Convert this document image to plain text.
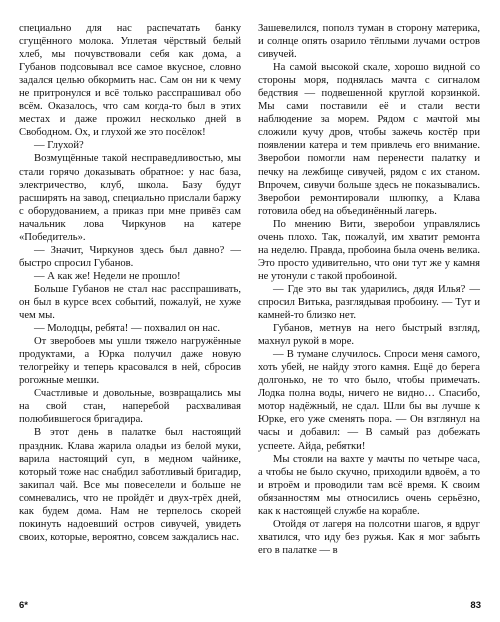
специально для нас распечатать банку сгущённого молока. Уплетая чёрствый белый хлеб, мы почувствовали себя как дома, а Губанов подсовывал все самое вкусное, словно задался целью обкормить нас. Сам он ни к чему не притронулся и всё только расспрашивал обо всём. Оказалось, что сам когда-то был в этих местах и даже прожил несколько дней в Свободном. Ох, и глухой же это посёлок!

— Глухой?

Возмущённые такой несправедливостью, мы стали горячо доказывать обратное: у нас база, электричество, клуб, школа. Базу будут расширять на завод, специально прислали баржу с оборудованием, а приказ при мне привёз сам начальник лова Чиркунов на катере «Победитель».

— Значит, Чиркунов здесь был давно? — быстро спросил Губанов.

— А как же! Недели не прошло!

Больше Губанов не стал нас расспрашивать, он был в курсе всех событий, пожалуй, не хуже чем мы.

— Молодцы, ребята! — похвалил он нас.

От зверобоев мы ушли тяжело нагружённые продуктами, а Юрка получил даже новую телогрейку и теперь красовался в ней, сбросив рогожные мешки.

Счастливые и довольные, возвращались мы на свой стан, наперебой расхваливая полюбившегося бригадира.

В этот день в палатке был настоящий праздник. Клава жарила оладьи из белой муки, варила настоящий суп, в медном чайнике, который тоже нас снабдил заботливый бригадир, закипал чай. Все мы повеселели и больше не сомневались, что не пройдёт и двух-трёх дней, как будем дома. Нам не терпелось скорей покинуть надоевший остров сивучей, увидеть своих, которые, вероятно, совсем заждались нас.

Зашевелился, пополз туман в сторону материка, и солнце опять озарило тёплыми лучами остров сивучей.

На самой высокой скале, хорошо видной со стороны моря, поднялась мачта с сигналом бедствия — подвешенной круглой корзинкой. Мы сами поставили её и стали вести наблюдение за морем. Рядом с мачтой мы сложили кучу дров, чтобы зажечь костёр при появлении катера и тем привлечь его внимание. Зверобои помогли нам перенести палатку и печку на лежбище сивучей, рядом с их станом. Впрочем, сивучи больше здесь не показывались. Зверобои ремонтировали шлюпку, а Клава готовила обед на объединённый лагерь.

По мнению Вити, зверобои управлялись очень плохо. Так, пожалуй, им хватит ремонта на неделю. Правда, пробоина была очень велика. Это просто удивительно, что они тут же у камня не утонули с такой пробоиной.

— Где это вы так ударились, дядя Илья? — спросил Витька, разглядывая пробоину. — Тут и камней-то близко нет.

Губанов, метнув на него быстрый взгляд, махнул рукой в море.

— В тумане случилось. Спроси меня самого, хоть убей, не найду этого камня. Ещё до берега долгонько, не то что было, чтобы примечать. Лодка полна воды, ничего не видно… Спасибо, мотор надёжный, не сдал. Шли бы вы лучше к Юрке, его уже сменять пора. — Он взглянул на часы и добавил: — В самый раз добежать успеете. Айда, ребятки!

Мы стояли на вахте у мачты по четыре часа, а чтобы не было скучно, приходили вдвоём, а то и втроём и проводили там всё время. К своим обязанностям мы относились очень серьёзно, как к настоящей службе на корабле.

Отойдя от лагеря на полсотни шагов, я вдруг хватился, что иду без ружья. Как я мог забыть его в палатке — в

6*	83
